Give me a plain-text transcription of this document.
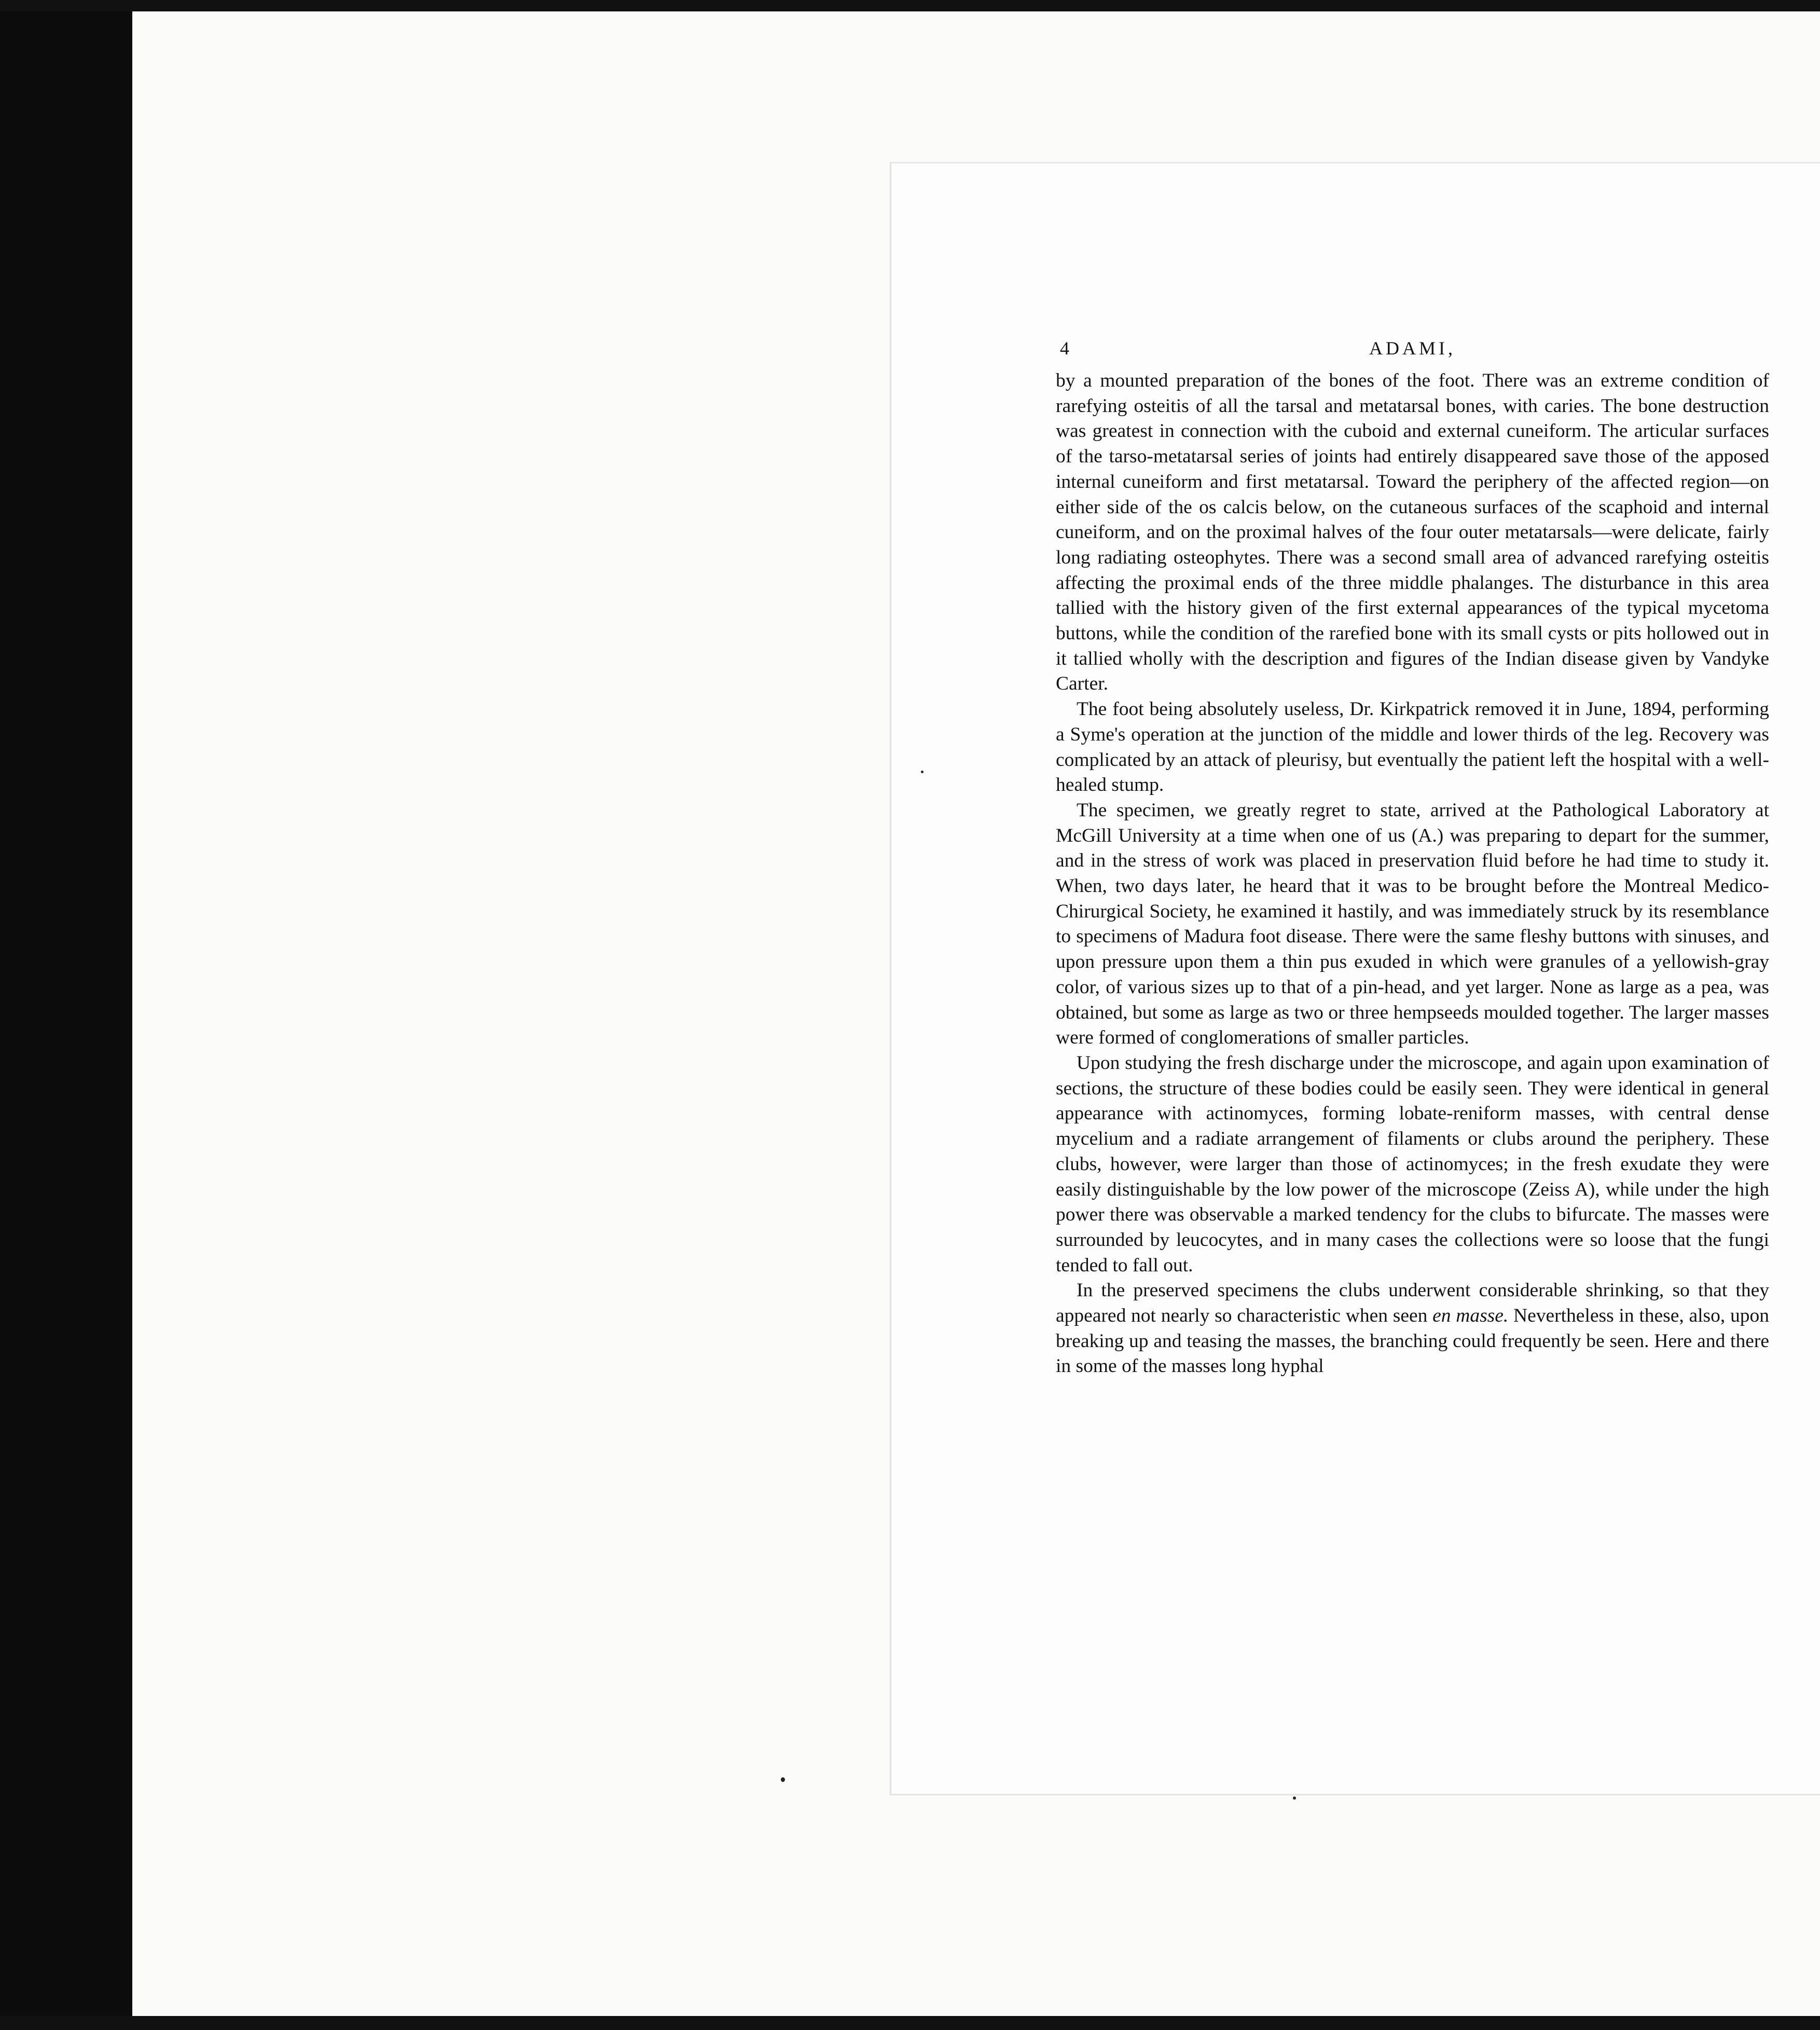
4	ADAMI,

by a mounted preparation of the bones of the foot. There was an extreme condition of rarefying osteitis of all the tarsal and metatarsal bones, with caries. The bone destruction was greatest in connection with the cuboid and external cuneiform. The articular surfaces of the tarso-metatarsal series of joints had entirely disappeared save those of the apposed internal cuneiform and first metatarsal. Toward the periphery of the affected region—on either side of the os calcis below, on the cutaneous surfaces of the scaphoid and internal cuneiform, and on the proximal halves of the four outer metatarsals—were delicate, fairly long radiating osteophytes. There was a second small area of advanced rarefying osteitis affecting the proximal ends of the three middle phalanges. The disturbance in this area tallied with the history given of the first external appearances of the typical mycetoma buttons, while the condition of the rarefied bone with its small cysts or pits hollowed out in it tallied wholly with the description and figures of the Indian disease given by Vandyke Carter.

The foot being absolutely useless, Dr. Kirkpatrick removed it in June, 1894, performing a Syme's operation at the junction of the middle and lower thirds of the leg. Recovery was complicated by an attack of pleurisy, but eventually the patient left the hospital with a well-healed stump.

The specimen, we greatly regret to state, arrived at the Pathological Laboratory at McGill University at a time when one of us (A.) was preparing to depart for the summer, and in the stress of work was placed in preservation fluid before he had time to study it. When, two days later, he heard that it was to be brought before the Montreal Medico-Chirurgical Society, he examined it hastily, and was immediately struck by its resemblance to specimens of Madura foot disease. There were the same fleshy buttons with sinuses, and upon pressure upon them a thin pus exuded in which were granules of a yellowish-gray color, of various sizes up to that of a pin-head, and yet larger. None as large as a pea, was obtained, but some as large as two or three hempseeds moulded together. The larger masses were formed of conglomerations of smaller particles.

Upon studying the fresh discharge under the microscope, and again upon examination of sections, the structure of these bodies could be easily seen. They were identical in general appearance with actinomyces, forming lobate-reniform masses, with central dense mycelium and a radiate arrangement of filaments or clubs around the periphery. These clubs, however, were larger than those of actinomyces; in the fresh exudate they were easily distinguishable by the low power of the microscope (Zeiss A), while under the high power there was observable a marked tendency for the clubs to bifurcate. The masses were surrounded by leucocytes, and in many cases the collections were so loose that the fungi tended to fall out.

In the preserved specimens the clubs underwent considerable shrinking, so that they appeared not nearly so characteristic when seen en masse. Nevertheless in these, also, upon breaking up and teasing the masses, the branching could frequently be seen. Here and there in some of the masses long hyphal
